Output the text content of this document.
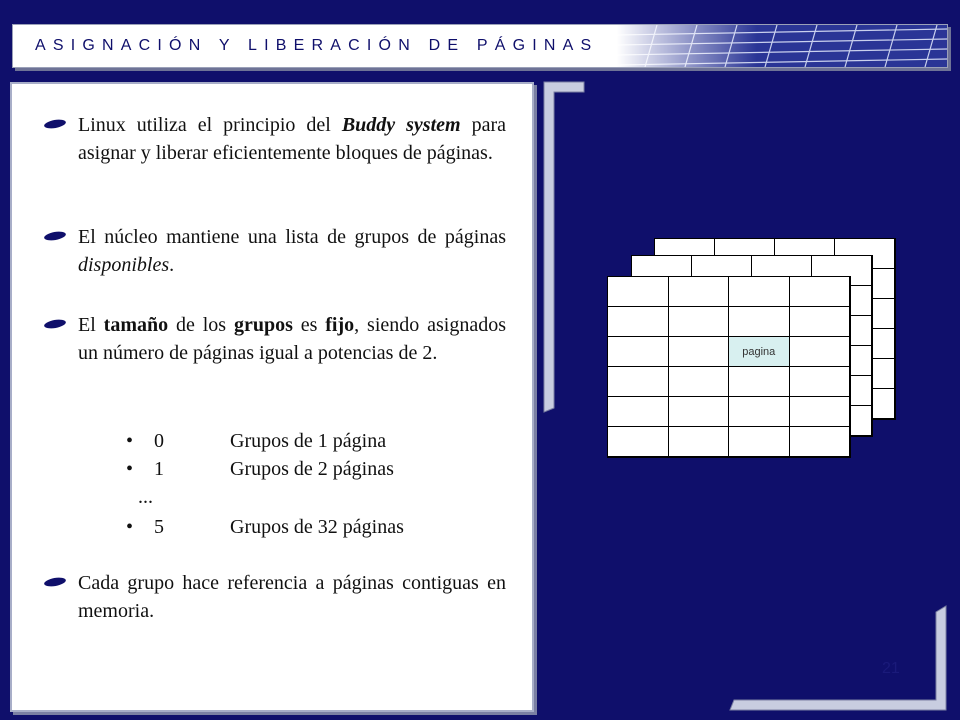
ASIGNACIÓN Y LIBERACIÓN DE PÁGINAS
Linux utiliza el principio del Buddy system para asignar y liberar eficientemente bloques de páginas.
El núcleo mantiene una lista de grupos de páginas disponibles.
El tamaño de los grupos es fijo, siendo asignados un número de páginas igual a potencias de 2.
• 0	Grupos de 1 página
• 1	Grupos de 2 páginas
...
• 5	Grupos de 32 páginas
Cada grupo hace referencia a páginas contiguas en memoria.
pagina
21
